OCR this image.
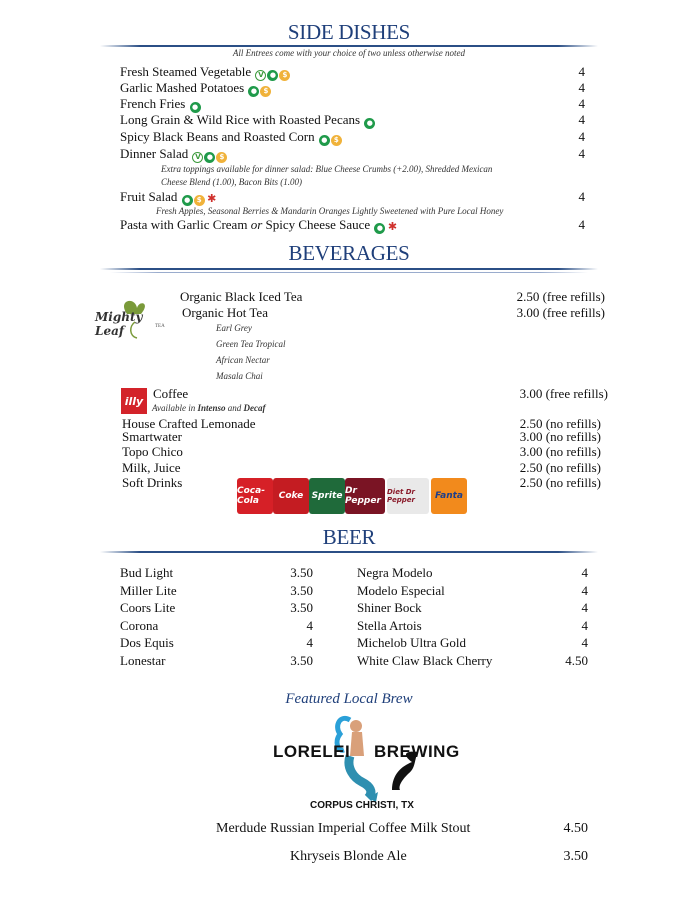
SIDE DISHES
All Entrees come with your choice of two unless otherwise noted
Fresh Steamed Vegetable V ● $	4
Garlic Mashed Potatoes ● $	4
French Fries ●	4
Long Grain & Wild Rice with Roasted Pecans ●	4
Spicy Black Beans and Roasted Corn ● $	4
Dinner Salad V ● $	4
Extra toppings available for dinner salad: Blue Cheese Crumbs (+2.00), Shredded Mexican
Cheese Blend (1.00), Bacon Bits (1.00)
Fruit Salad ● $ ✱	4
Fresh Apples, Seasonal Berries & Mandarin Oranges Lightly Sweetened with Pure Local Honey
Pasta with Garlic Cream or Spicy Cheese Sauce ● ✱	4
BEVERAGES
Mighty Leaf	TEA
Organic Black Iced Tea	2.50 (free refills)
Organic Hot Tea	3.00 (free refills)
Earl Grey
Green Tea Tropical
African Nectar
Masala Chai
illy Coffee	3.00 (free refills)
Available in Intenso and Decaf
House Crafted Lemonade	2.50 (no refills)
Smartwater	3.00 (no refills)
Topo Chico	3.00 (no refills)
Milk, Juice	2.50 (no refills)
Soft Drinks	2.50 (no refills)
Coca-Cola	Coke Sprite Dr Pepper
Diet Dr Pepper	Fanta
BEER
Bud Light	3.50
Miller Lite	3.50
Coors Lite	3.50
Corona	4
Dos Equis	4
Lonestar	3.50
Negra Modelo	4
Modelo Especial	4
Shiner Bock	4
Stella Artois	4
Michelob Ultra Gold	4
White Claw Black Cherry	4.50
Featured Local Brew
LORELEI BREWING
CORPUS CHRISTI, TX
Merdude Russian Imperial Coffee Milk Stout	4.50
Khryseis Blonde Ale	3.50
